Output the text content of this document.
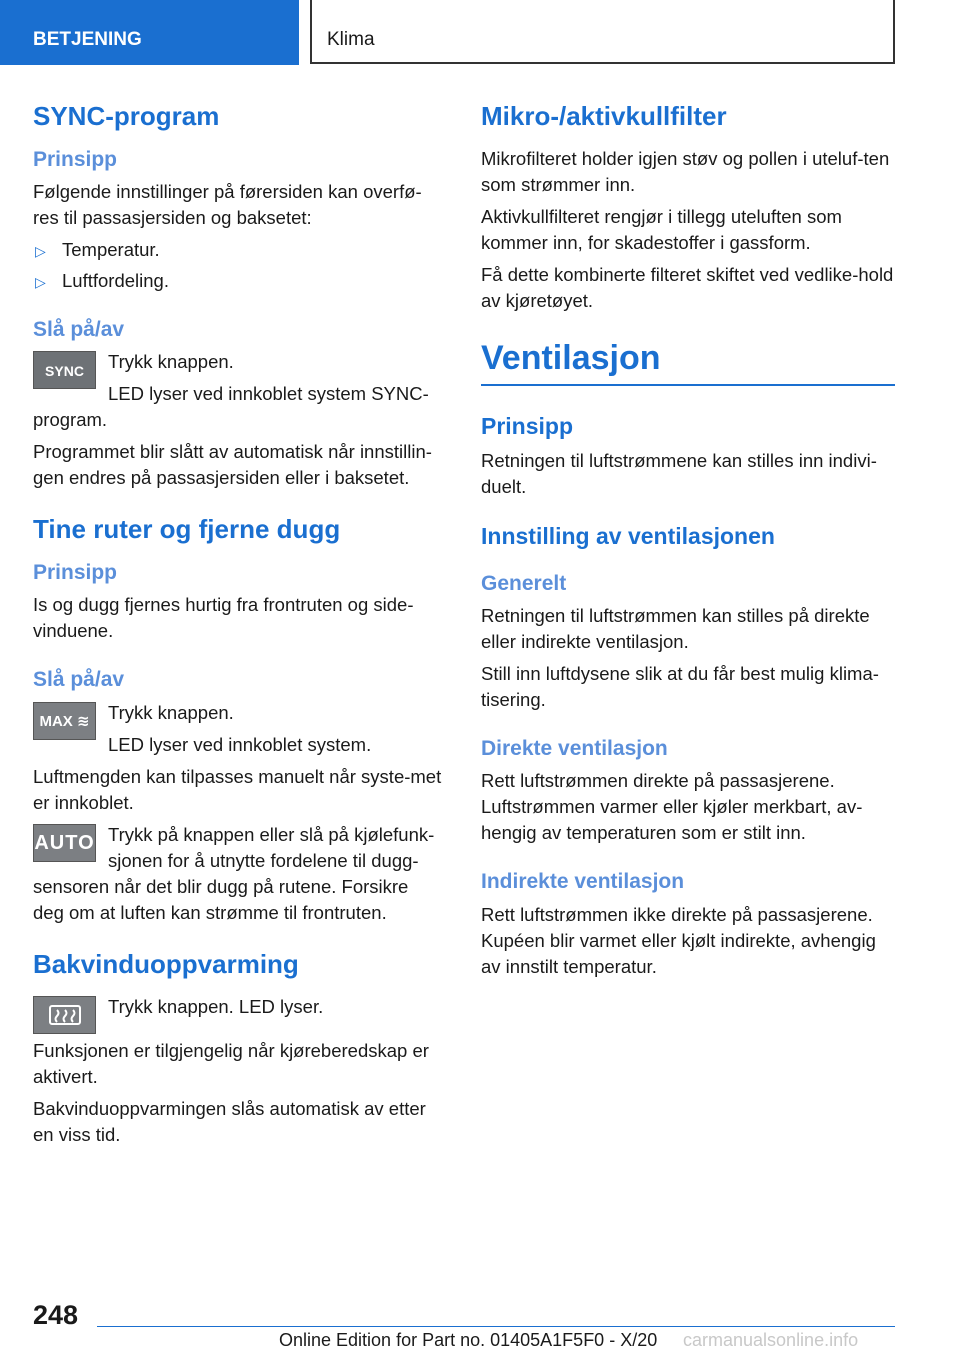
BETJENING	Klima
SYNC-program
Prinsipp

Følgende innstillinger på førersiden kan overfø-res til passasjersiden og baksetet:

▷ Temperatur.
▷ Luftfordeling.
Slå på/av
SYNC	Trykk knappen.

LED lyser ved innkoblet system SYNC-program.

Programmet blir slått av automatisk når innstillin-gen endres på passasjersiden eller i baksetet.

Tine ruter og fjerne dugg
Prinsipp

Is og dugg fjernes hurtig fra frontruten og side-vinduene.

Slå på/av
MAX ≋ Trykk knappen.

LED lyser ved innkoblet system.

Luftmengden kan tilpasses manuelt når syste-met er innkoblet.

AUTO Trykk på knappen eller slå på kjølefunk-sjonen for å utnytte fordelene til dugg-sensoren når det blir dugg på rutene. Forsikre deg om at luften kan strømme til frontruten.

Bakvinduoppvarming

Trykk knappen. LED lyser.

Funksjonen er tilgjengelig når kjøreberedskap er aktivert.

Bakvinduoppvarmingen slås automatisk av etter en viss tid.

Mikro-/aktivkullfilter

Mikrofilteret holder igjen støv og pollen i uteluf-ten som strømmer inn.

Aktivkullfilteret rengjør i tillegg uteluften som kommer inn, for skadestoffer i gassform.

Få dette kombinerte filteret skiftet ved vedlike-hold av kjøretøyet.

Ventilasjon
Prinsipp

Retningen til luftstrømmene kan stilles inn indivi-duelt.

Innstilling av ventilasjonen
Generelt

Retningen til luftstrømmen kan stilles på direkte eller indirekte ventilasjon.

Still inn luftdysene slik at du får best mulig klima-tisering.

Direkte ventilasjon

Rett luftstrømmen direkte på passasjerene. Luftstrømmen varmer eller kjøler merkbart, av-hengig av temperaturen som er stilt inn.

Indirekte ventilasjon

Rett luftstrømmen ikke direkte på passasjerene. Kupéen blir varmet eller kjølt indirekte, avhengig av innstilt temperatur.

248
Online Edition for Part no. 01405A1F5F0 - X/20 carmanualsonline.info
